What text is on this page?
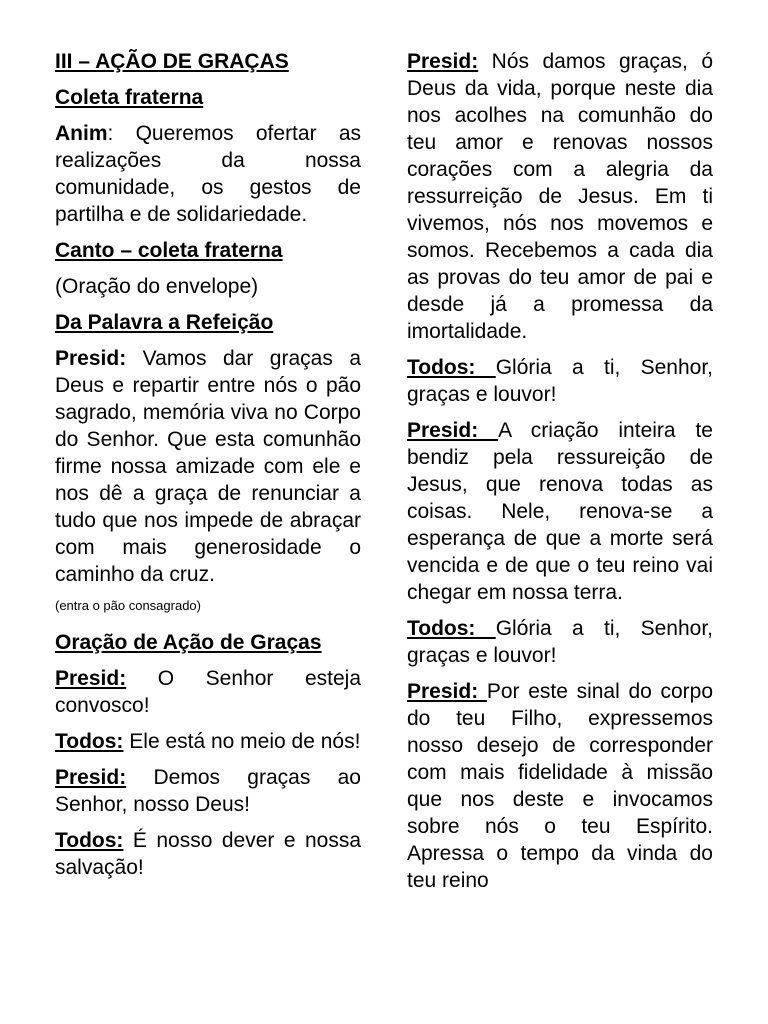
III – AÇÃO DE GRAÇAS
Coleta fraterna
Anim: Queremos ofertar as realizações da nossa comunidade, os gestos de partilha e de solidariedade.
Canto – coleta fraterna
(Oração do envelope)
Da Palavra a Refeição
Presid: Vamos dar graças a Deus e repartir entre nós o pão sagrado, memória viva no Corpo do Senhor. Que esta comunhão firme nossa amizade com ele e nos dê a graça de renunciar a tudo que nos impede de abraçar com mais generosidade o caminho da cruz.
(entra o pão consagrado)
Oração de Ação de Graças
Presid: O Senhor esteja convosco!
Todos: Ele está no meio de nós!
Presid: Demos graças ao Senhor, nosso Deus!
Todos: É nosso dever e nossa salvação!
Presid: Nós damos graças, ó Deus da vida, porque neste dia nos acolhes na comunhão do teu amor e renovas nossos corações com a alegria da ressurreição de Jesus. Em ti vivemos, nós nos movemos e somos. Recebemos a cada dia as provas do teu amor de pai e desde já a promessa da imortalidade.
Todos: Glória a ti, Senhor, graças e louvor!
Presid: A criação inteira te bendiz pela ressureição de Jesus, que renova todas as coisas. Nele, renova-se a esperança de que a morte será vencida e de que o teu reino vai chegar em nossa terra.
Todos: Glória a ti, Senhor, graças e louvor!
Presid: Por este sinal do corpo do teu Filho, expressemos nosso desejo de corresponder com mais fidelidade à missão que nos deste e invocamos sobre nós o teu Espírito. Apressa o tempo da vinda do teu reino
